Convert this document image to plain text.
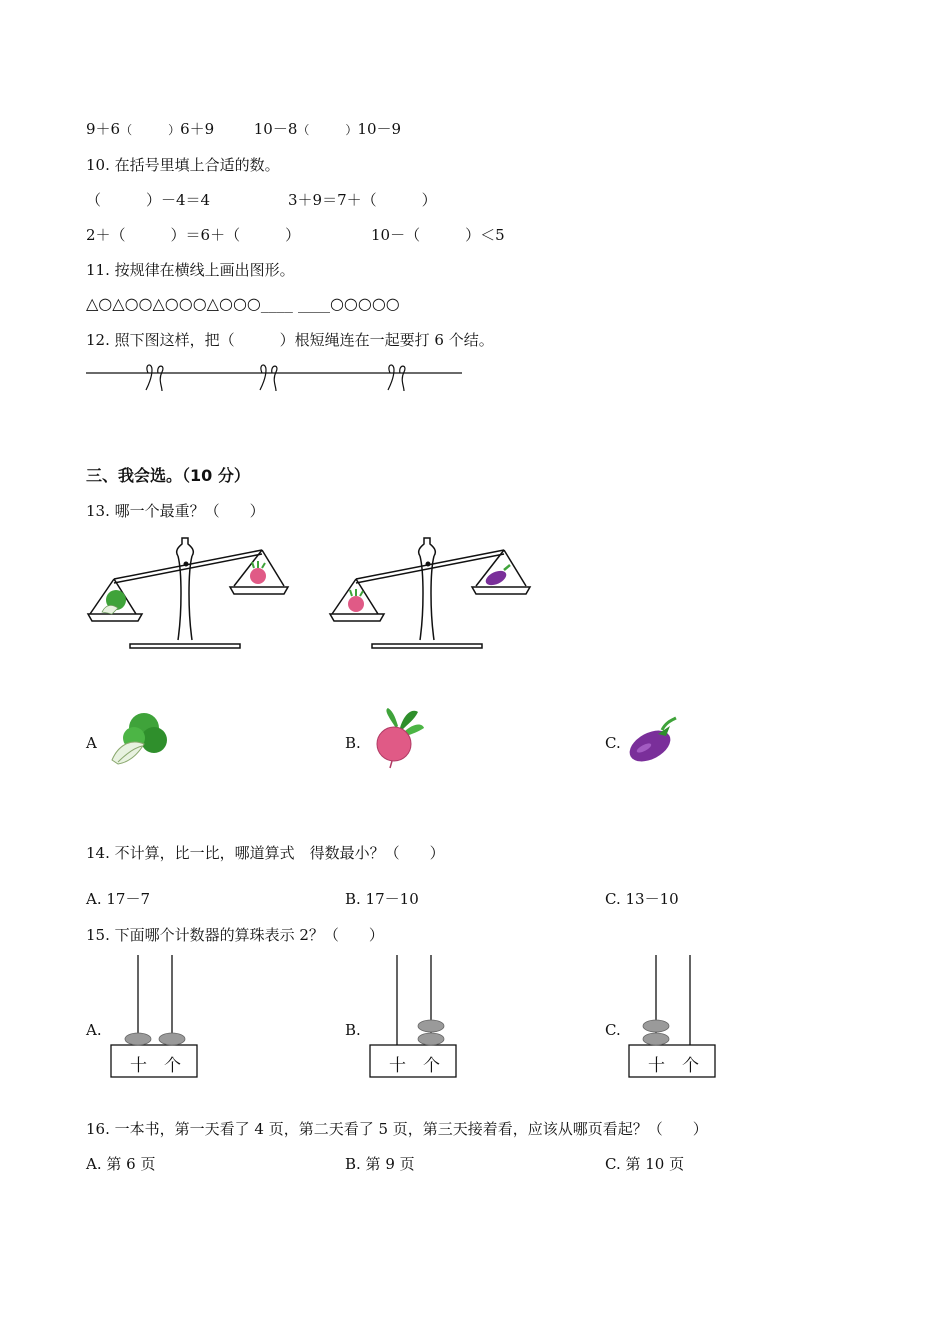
9＋6（　　　）6＋9	10－8（　　　）10－9
10. 在括号里填上合适的数。
（　　　）－4＝4	3＋9＝7＋（　　　）
2＋（　　　）＝6＋（　　　）	10－（　　　）＜5
11. 按规律在横线上画出图形。
△○△○○△○○○△○○○____ ____○○○○○
12. 照下图这样，把（　　　）根短绳连在一起要打 6 个结。
三、我会选。（10 分）
13. 哪一个最重？（　　）
A	B.	C.
14. 不计算，比一比，哪道算式　得数最小？（　　）
A. 17－7	B. 17－10	C. 13－10
15. 下面哪个计数器的算珠表示 2？（　　）
A.	B.	C.
十 个	十 个	十 个
16. 一本书，第一天看了 4 页，第二天看了 5 页，第三天接着看，应该从哪页看起？（　　）
A. 第 6 页	B. 第 9 页	C. 第 10 页
